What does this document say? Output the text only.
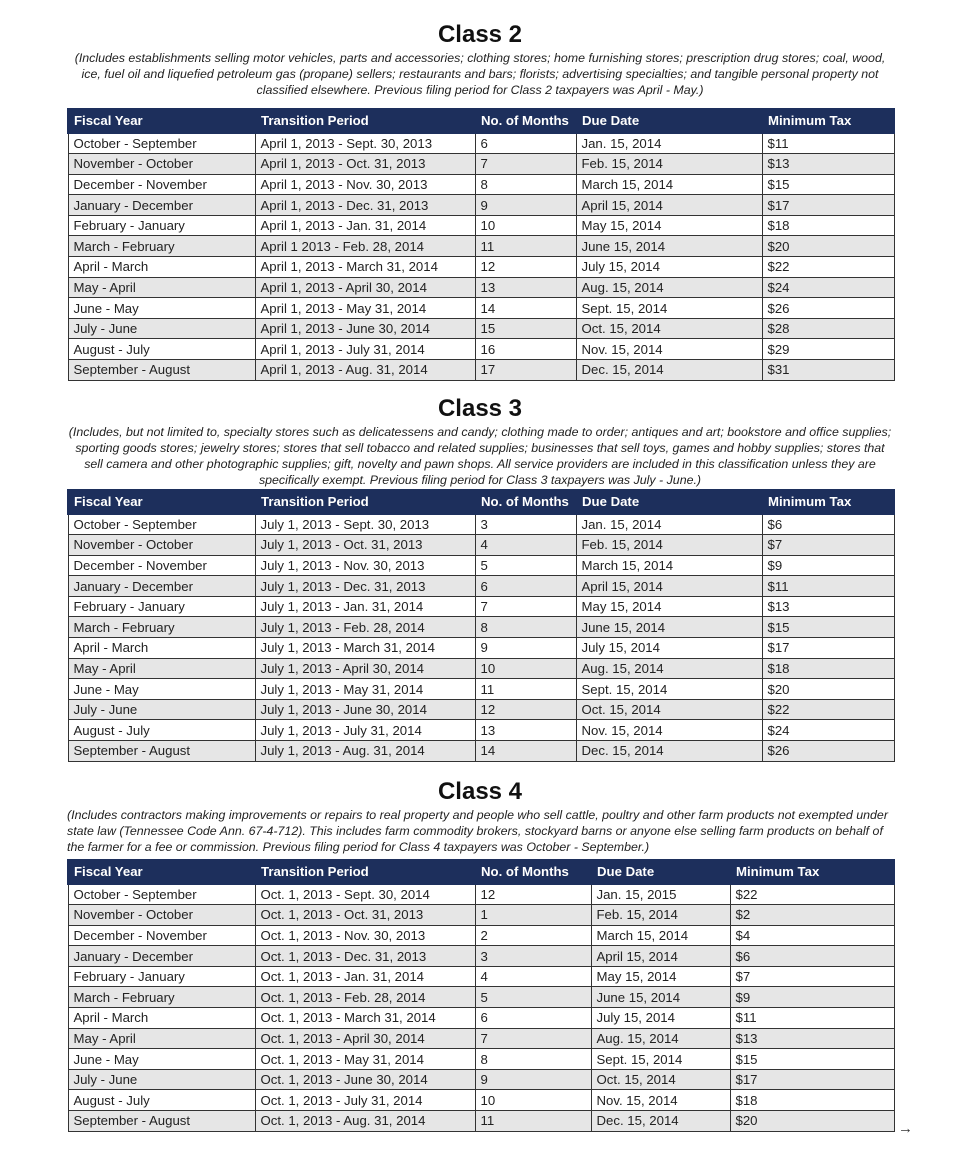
Class 2

(Includes establishments selling motor vehicles, parts and accessories; clothing stores; home furnishing stores; prescription drug stores; coal, wood, ice, fuel oil and liquefied petroleum gas (propane) sellers; restaurants and bars; florists; advertising specialties; and tangible personal property not classified elsewhere. Previous filing period for Class 2 taxpayers was April - May.)

Fiscal Year	Transition Period	No. of Months	Due Date	Minimum Tax
October - September	April 1, 2013 - Sept. 30, 2013	6	Jan. 15, 2014	$11
November - October	April 1, 2013 - Oct. 31, 2013	7	Feb. 15, 2014	$13
December - November	April 1, 2013 - Nov. 30, 2013	8	March 15, 2014	$15
January - December	April 1, 2013 - Dec. 31, 2013	9	April 15, 2014	$17
February - January	April 1, 2013 - Jan. 31, 2014	10	May 15, 2014	$18
March - February	April 1 2013 - Feb. 28, 2014	11	June 15, 2014	$20
April - March	April 1, 2013 - March 31, 2014	12	July 15, 2014	$22
May - April	April 1, 2013 - April 30, 2014	13	Aug. 15, 2014	$24
June - May	April 1, 2013 - May 31, 2014	14	Sept. 15, 2014	$26
July - June	April 1, 2013 - June 30, 2014	15	Oct. 15, 2014	$28
August - July	April 1, 2013 - July 31, 2014	16	Nov. 15, 2014	$29
September - August	April 1, 2013 - Aug. 31, 2014	17	Dec. 15, 2014	$31
Class 3

(Includes, but not limited to, specialty stores such as delicatessens and candy; clothing made to order; antiques and art; bookstore and office supplies; sporting goods stores; jewelry stores; stores that sell tobacco and related supplies; businesses that sell toys, games and hobby supplies; stores that sell camera and other photographic supplies; gift, novelty and pawn shops. All service providers are included in this classification unless they are specifically exempt. Previous filing period for Class 3 taxpayers was July - June.)

Fiscal Year	Transition Period	No. of Months	Due Date	Minimum Tax
October - September	July 1, 2013 - Sept. 30, 2013	3	Jan. 15, 2014	$6
November - October	July 1, 2013 - Oct. 31, 2013	4	Feb. 15, 2014	$7
December - November	July 1, 2013 - Nov. 30, 2013	5	March 15, 2014	$9
January - December	July 1, 2013 - Dec. 31, 2013	6	April 15, 2014	$11
February - January	July 1, 2013 - Jan. 31, 2014	7	May 15, 2014	$13
March - February	July 1, 2013 - Feb. 28, 2014	8	June 15, 2014	$15
April - March	July 1, 2013 - March 31, 2014	9	July 15, 2014	$17
May - April	July 1, 2013 - April 30, 2014	10	Aug. 15, 2014	$18
June - May	July 1, 2013 - May 31, 2014	11	Sept. 15, 2014	$20
July - June	July 1, 2013 - June 30, 2014	12	Oct. 15, 2014	$22
August - July	July 1, 2013 - July 31, 2014	13	Nov. 15, 2014	$24
September - August	July 1, 2013 - Aug. 31, 2014	14	Dec. 15, 2014	$26
Class 4

(Includes contractors making improvements or repairs to real property and people who sell cattle, poultry and other farm products not exempted under state law (Tennessee Code Ann. 67-4-712). This includes farm commodity brokers, stockyard barns or anyone else selling farm products on behalf of the farmer for a fee or commission. Previous filing period for Class 4 taxpayers was October - September.)

Fiscal Year	Transition Period	No. of Months	Due Date	Minimum Tax
October - September	Oct. 1, 2013 - Sept. 30, 2014	12	Jan. 15, 2015	$22
November - October	Oct. 1, 2013 - Oct. 31, 2013	1	Feb. 15, 2014	$2
December - November	Oct. 1, 2013 - Nov. 30, 2013	2	March 15, 2014	$4
January - December	Oct. 1, 2013 - Dec. 31, 2013	3	April 15, 2014	$6
February - January	Oct. 1, 2013 - Jan. 31, 2014	4	May 15, 2014	$7
March - February	Oct. 1, 2013 - Feb. 28, 2014	5	June 15, 2014	$9
April - March	Oct. 1, 2013 - March 31, 2014	6	July 15, 2014	$11
May - April	Oct. 1, 2013 - April 30, 2014	7	Aug. 15, 2014	$13
June - May	Oct. 1, 2013 - May 31, 2014	8	Sept. 15, 2014	$15
July - June	Oct. 1, 2013 - June 30, 2014	9	Oct. 15, 2014	$17
August - July	Oct. 1, 2013 - July 31, 2014	10	Nov. 15, 2014	$18
September - August	Oct. 1, 2013 - Aug. 31, 2014	11	Dec. 15, 2014	$20	→
